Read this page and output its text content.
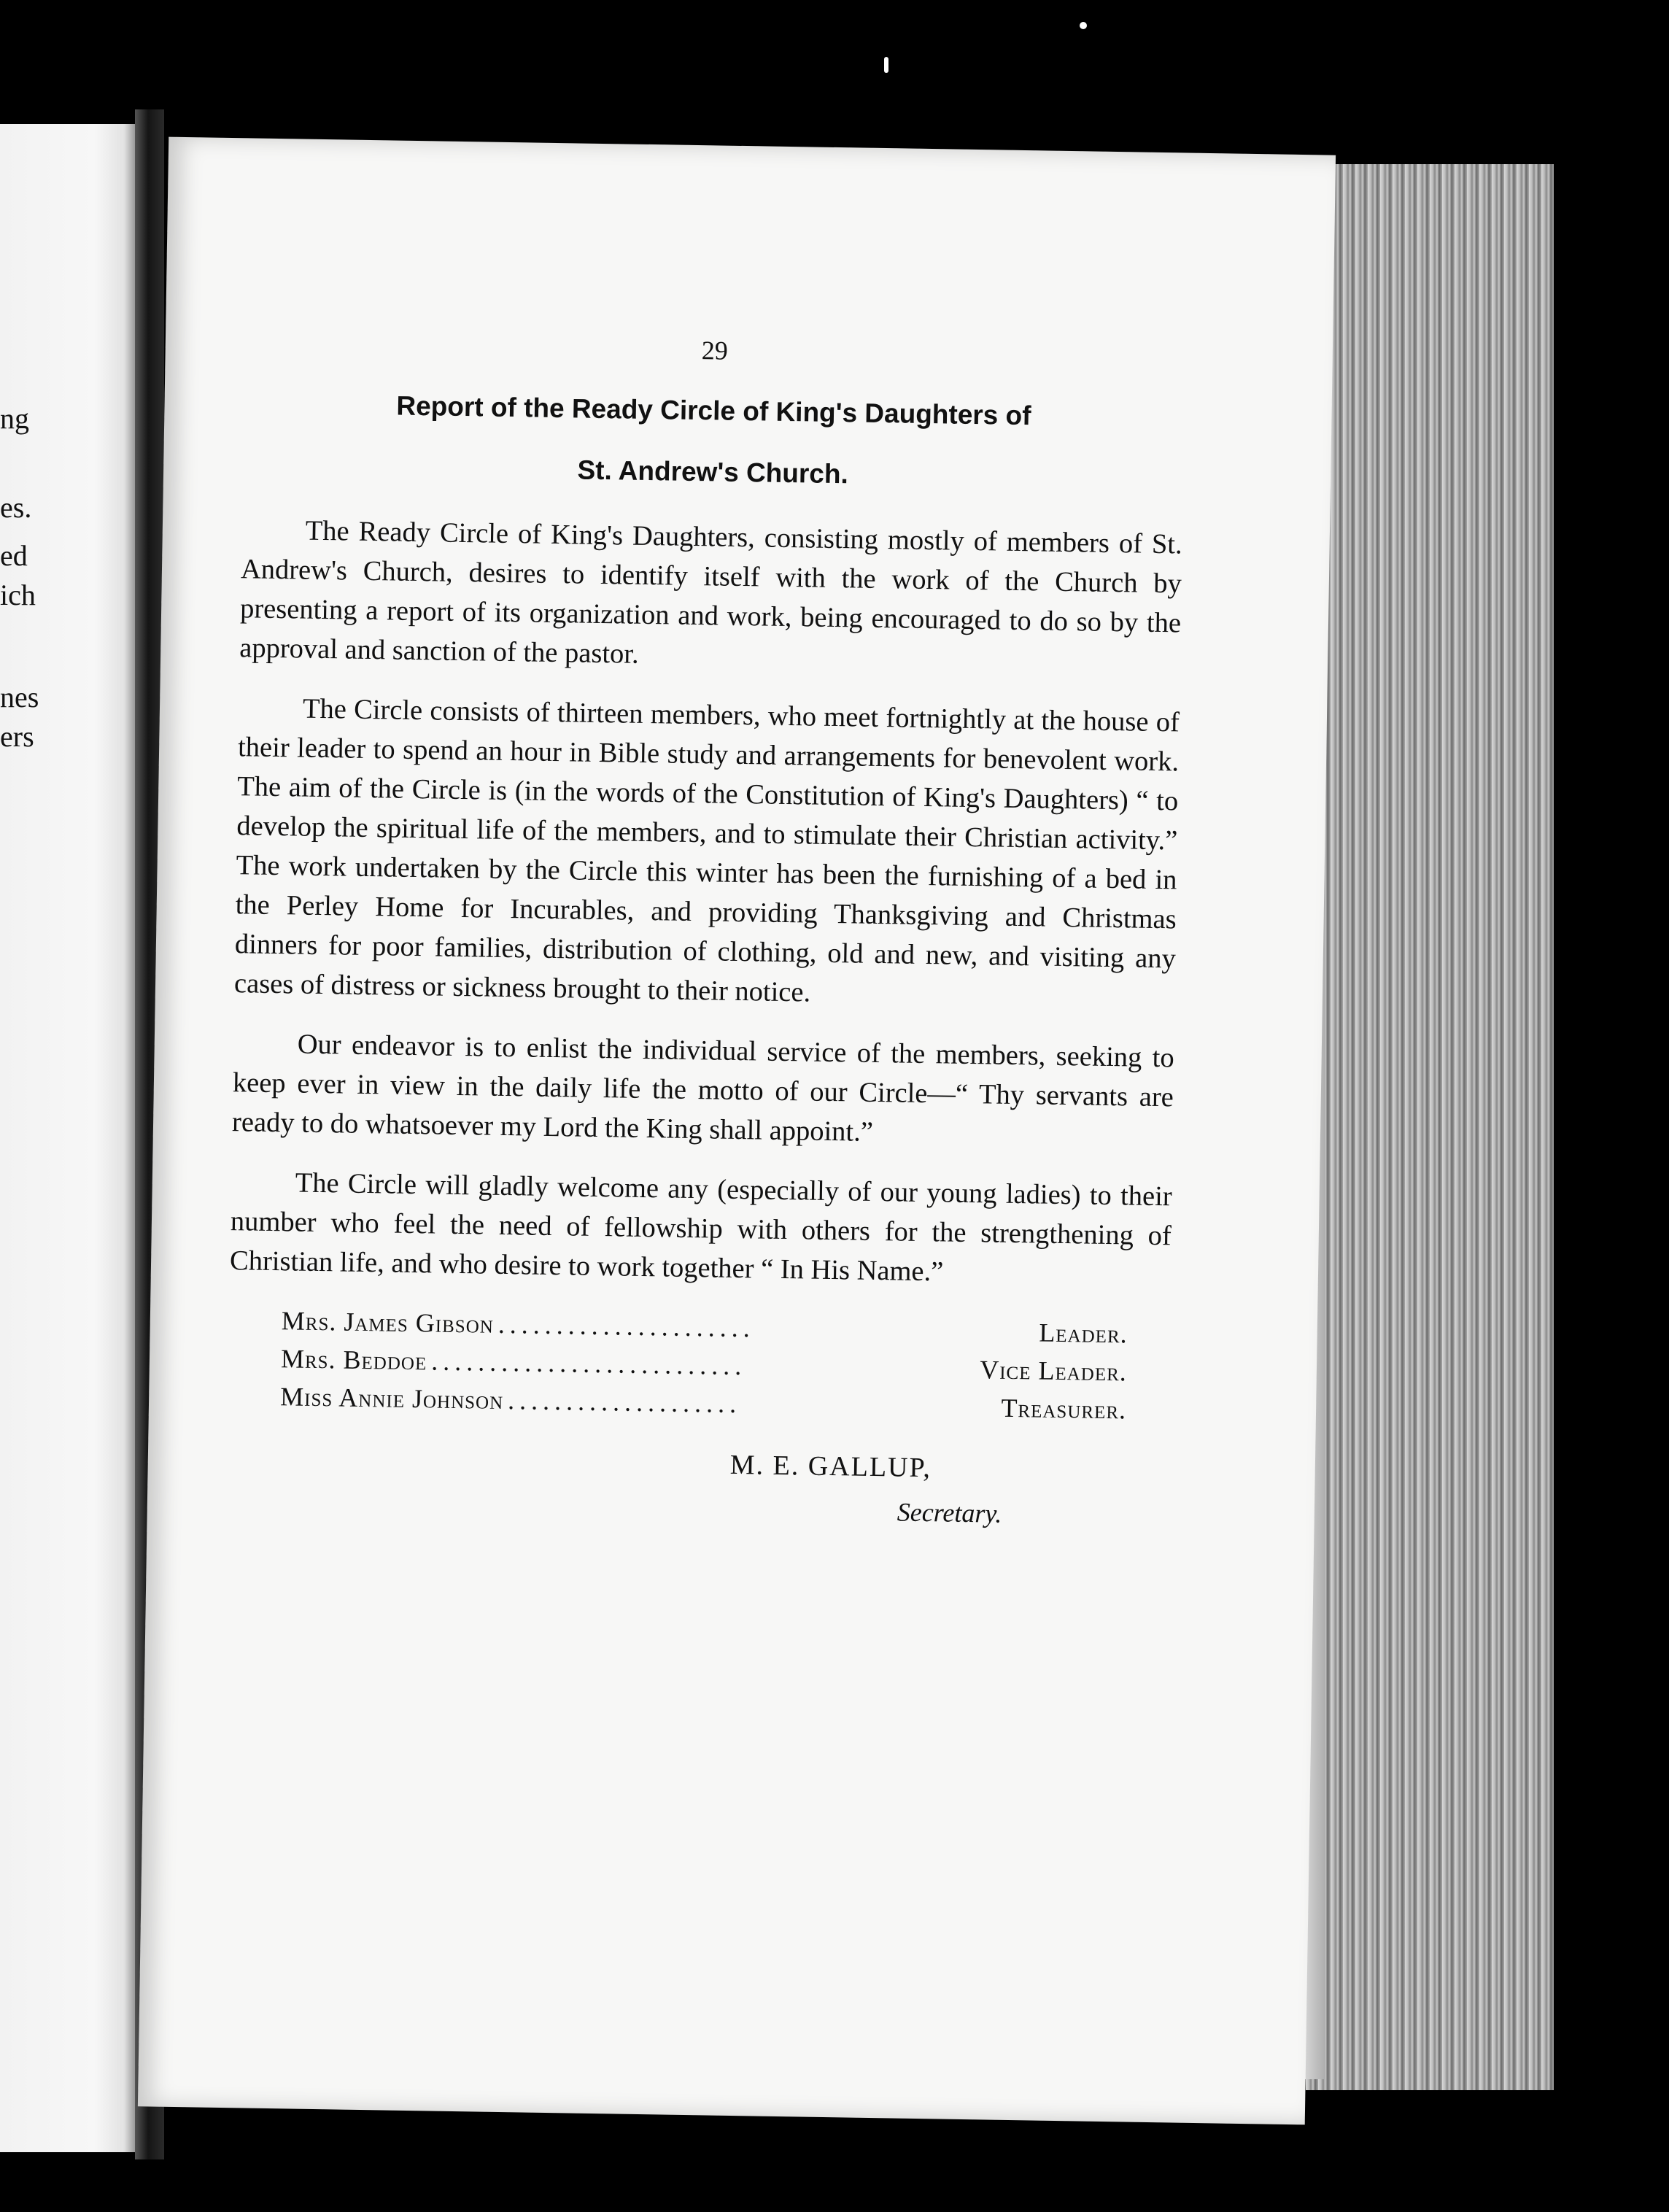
ng
es.
ed
ich
nes
ers
29
Report of the Ready Circle of King's Daughters of
St. Andrew's Church.

The Ready Circle of King's Daughters, consisting mostly of members of St. Andrew's Church, desires to identify itself with the work of the Church by presenting a report of its organization and work, being encouraged to do so by the approval and sanction of the pastor.

The Circle consists of thirteen members, who meet fortnightly at the house of their leader to spend an hour in Bible study and arrangements for benevolent work. The aim of the Circle is (in the words of the Constitution of King's Daughters) “ to develop the spiritual life of the members, and to stimulate their Christian activity.” The work undertaken by the Circle this winter has been the furnishing of a bed in the Perley Home for Incurables, and providing Thanksgiving and Christmas dinners for poor families, distribution of clothing, old and new, and visiting any cases of distress or sickness brought to their notice.

Our endeavor is to enlist the individual service of the members, seeking to keep ever in view in the daily life the motto of our Circle—“ Thy servants are ready to do whatsoever my Lord the King shall appoint.”

The Circle will gladly welcome any (especially of our young ladies) to their number who feel the need of fellowship with others for the strengthening of Christian life, and who desire to work together “ In His Name.”

Mrs. James Gibson ......................	Leader.
Mrs. Beddoe ...........................	Vice Leader.
Miss Annie Johnson ....................	Treasurer.
M. E. GALLUP,
Secretary.
